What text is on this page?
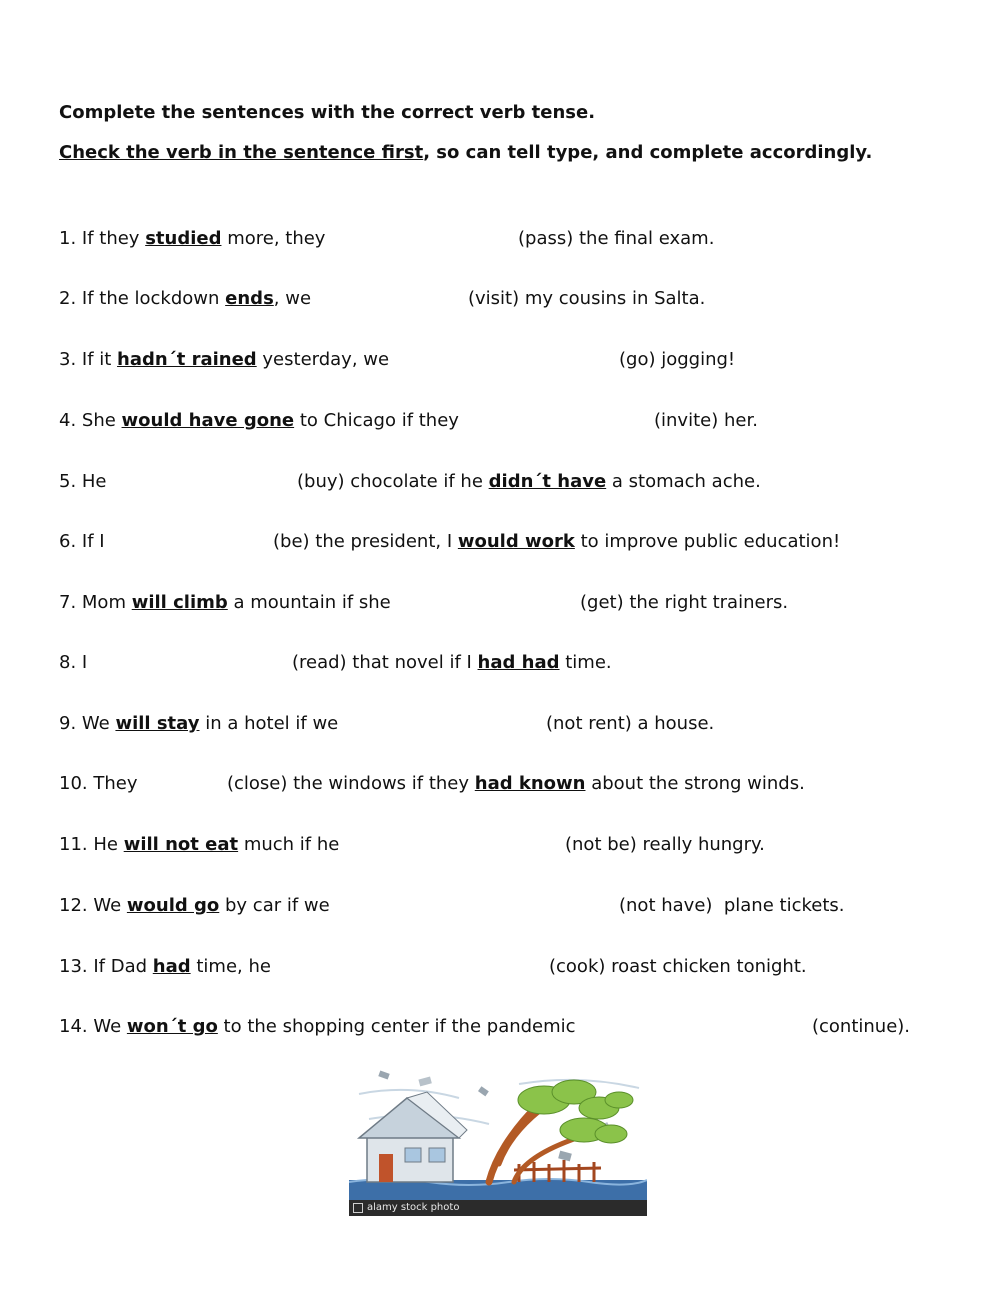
Complete the sentences with the correct verb tense.

Check the verb in the sentence first, so can tell type, and complete accordingly.

1. If they studied more, they	(pass) the final exam.
2. If the lockdown ends, we	(visit) my cousins in Salta.
3. If it hadn´t rained yesterday, we	(go) jogging!
4. She would have gone to Chicago if they	(invite) her.
5. He	(buy) chocolate if he didn´t have a stomach ache.
6. If I	(be) the president, I would work to improve public education!
7. Mom will climb a mountain if she	(get) the right trainers.
8. I	(read) that novel if I had had time.
9. We will stay in a hotel if we	(not rent) a house.
10. They	(close) the windows if they had known about the strong winds.
11. He will not eat much if he	(not be) really hungry.
12. We would go by car if we	(not have)  plane tickets.
13. If Dad had time, he	(cook) roast chicken tonight.
14. We won´t go to the shopping center if the pandemic	(continue).
alamy stock photo
